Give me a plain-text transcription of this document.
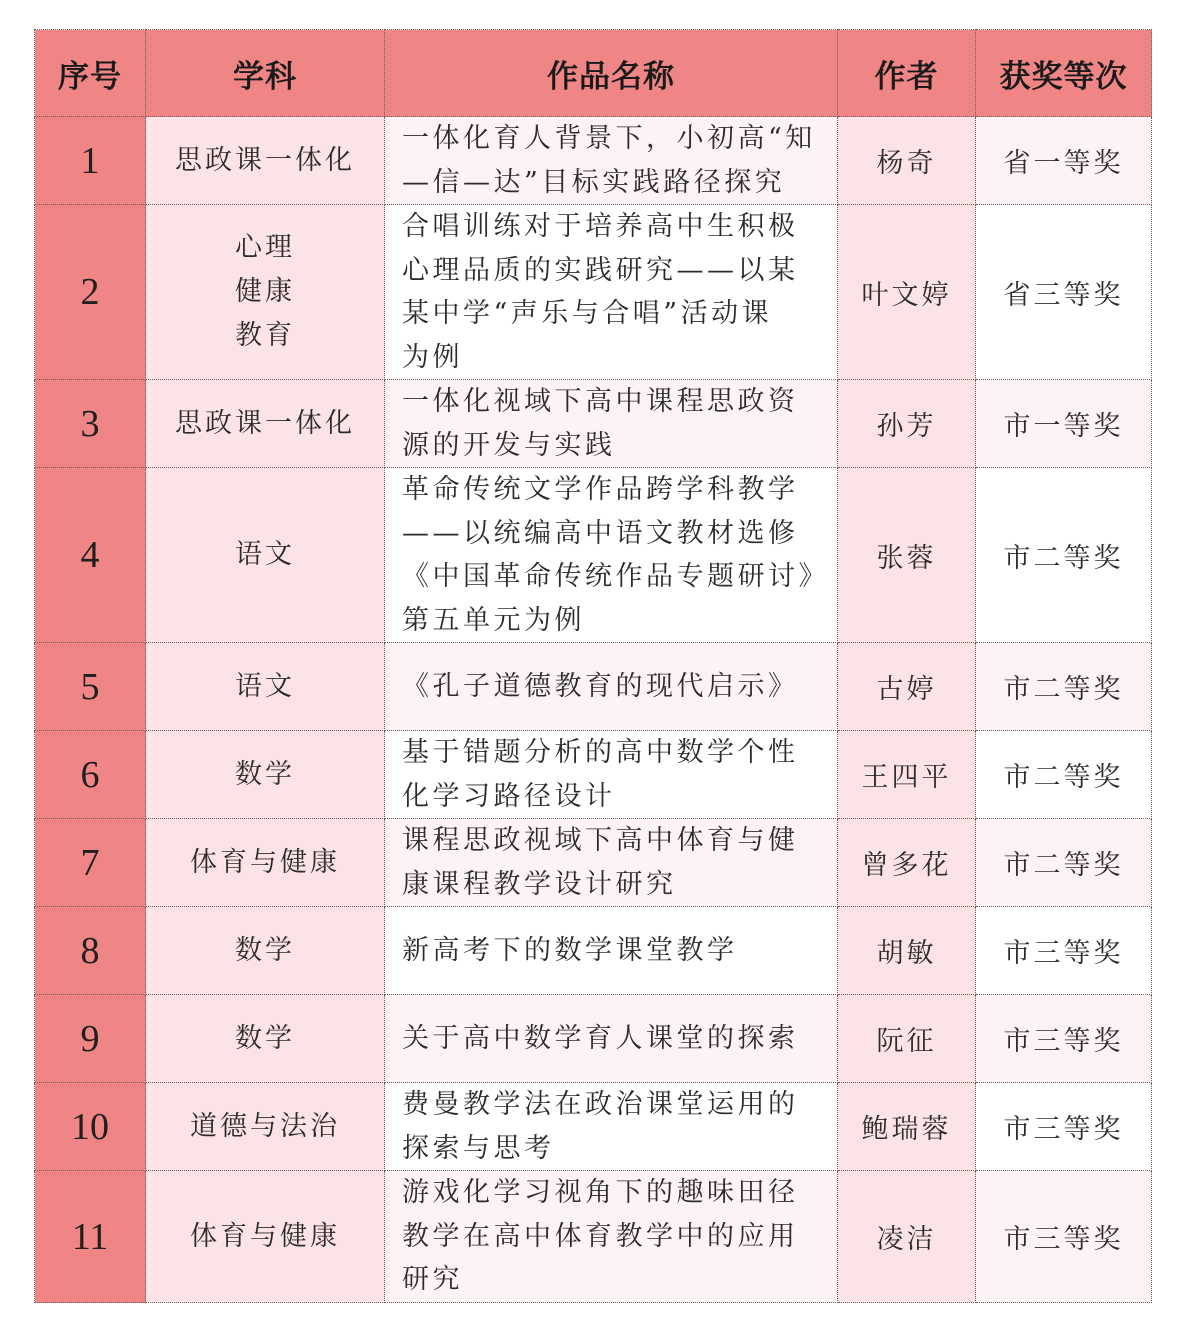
序号	学科	作品名称	作者	获奖等次
1	思政课一体化	一体化育人背景下，小初高“知
—信—达”目标实践路径探究	杨奇	省一等奖
2	心理
健康
教育	合唱训练对于培养高中生积极
心理品质的实践研究——以某
某中学“声乐与合唱”活动课
为例	叶文婷	省三等奖
3	思政课一体化	一体化视域下高中课程思政资
源的开发与实践	孙芳	市一等奖
4	语文	革命传统文学作品跨学科教学
——以统编高中语文教材选修
《中国革命传统作品专题研讨》
第五单元为例	张蓉	市二等奖
5	语文	《孔子道德教育的现代启示》	古婷	市二等奖
6	数学	基于错题分析的高中数学个性
化学习路径设计	王四平	市二等奖
7	体育与健康	课程思政视域下高中体育与健
康课程教学设计研究	曾多花	市二等奖
8	数学	新高考下的数学课堂教学	胡敏	市三等奖
9	数学	关于高中数学育人课堂的探索	阮征	市三等奖
10	道德与法治	费曼教学法在政治课堂运用的
探索与思考	鲍瑞蓉	市三等奖
11	体育与健康	游戏化学习视角下的趣味田径
教学在高中体育教学中的应用
研究	凌洁	市三等奖
